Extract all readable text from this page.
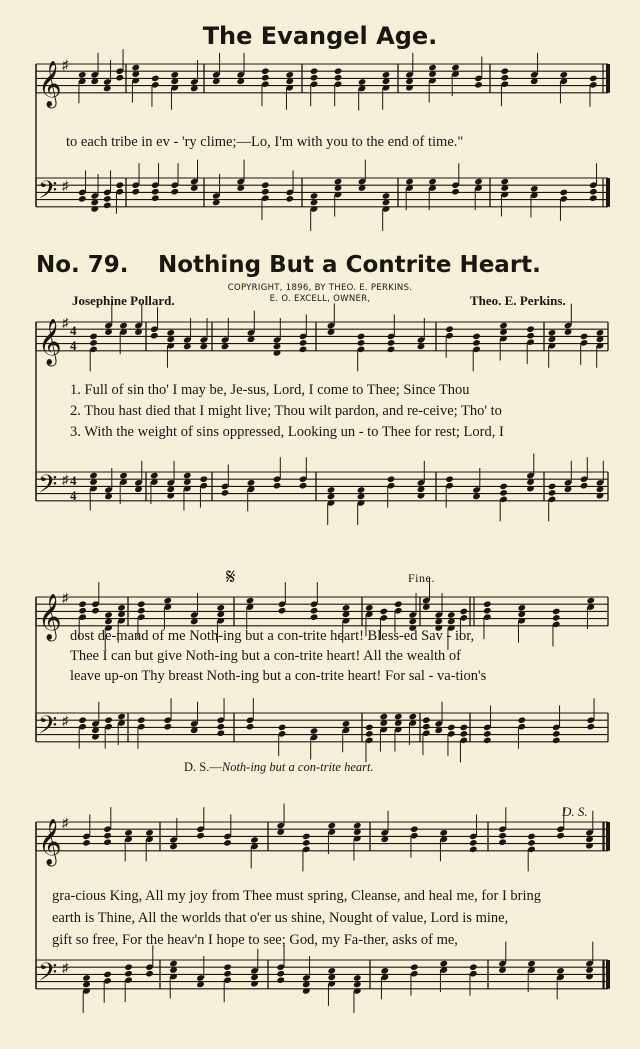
𝄞 ♯
𝄢 ♯
𝄞 ♯
4
4
𝄢 ♯ 4
4
𝄞 ♯
𝄢 ♯
𝄞 ♯
𝄢 ♯
The Evangel Age.
to each tribe in ev - 'ry clime;—Lo, I'm with you to the end of time."
No. 79. Nothing But a Contrite Heart.
Josephine Pollard.
COPYRIGHT, 1896, BY THEO. E. PERKINS.
E. O. EXCELL, OWNER,	Theo. E. Perkins.
1. Full of sin tho' I may be, Je-sus, Lord, I come to Thee; Since Thou
2. Thou hast died that I might live; Thou wilt pardon, and re-ceive; Tho' to
3. With the weight of sins oppressed, Looking un - to Thee for rest; Lord, I
𝄋	Fine.
dost de-mand of me Noth-ing but a con-trite heart! Bless-ed Sav - ior,
Thee I can but give Noth-ing but a con-trite heart! All the wealth of
leave up-on Thy breast Noth-ing but a con-trite heart! For sal - va-tion's
D. S.—Noth-ing but a con-trite heart.
D. S.
gra-cious King, All my joy from Thee must spring, Cleanse, and heal me, for I bring
earth is Thine, All the worlds that o'er us shine, Nought of value, Lord is mine,
gift so free, For the heav'n I hope to see; God, my Fa-ther, asks of me,
